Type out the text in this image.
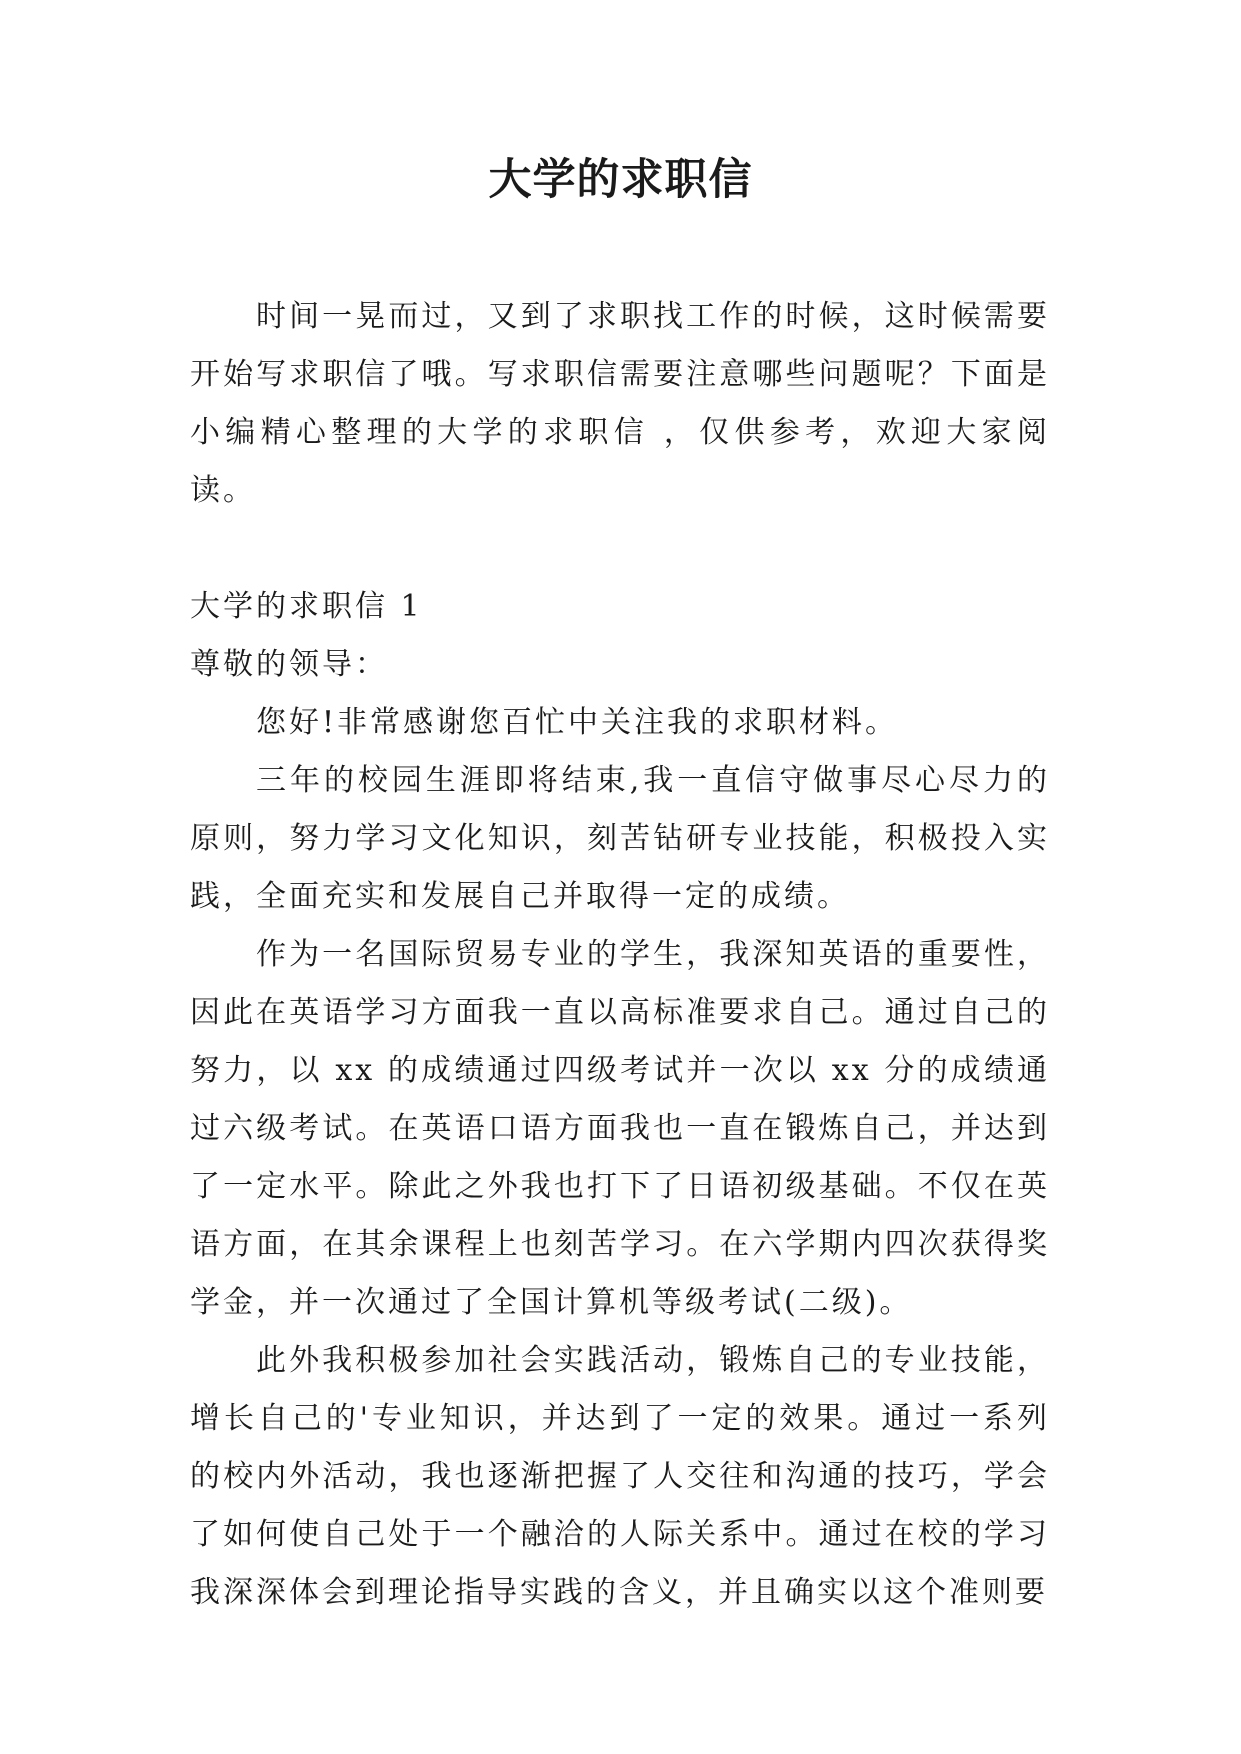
大学的求职信

时间一晃而过，又到了求职找工作的时候，这时候需要开始写求职信了哦。写求职信需要注意哪些问题呢？下面是小编精心整理的大学的求职信 ，仅供参考，欢迎大家阅读。

大学的求职信 1

尊敬的领导：

您好!非常感谢您百忙中关注我的求职材料。

三年的校园生涯即将结束,我一直信守做事尽心尽力的原则，努力学习文化知识，刻苦钻研专业技能，积极投入实践，全面充实和发展自己并取得一定的成绩。

作为一名国际贸易专业的学生，我深知英语的重要性，因此在英语学习方面我一直以高标准要求自己。通过自己的努力，以 xx 的成绩通过四级考试并一次以 xx 分的成绩通过六级考试。在英语口语方面我也一直在锻炼自己，并达到了一定水平。除此之外我也打下了日语初级基础。不仅在英语方面，在其余课程上也刻苦学习。在六学期内四次获得奖学金，并一次通过了全国计算机等级考试(二级)。

此外我积极参加社会实践活动，锻炼自己的专业技能，增长自己的'专业知识，并达到了一定的效果。通过一系列的校内外活动，我也逐渐把握了人交往和沟通的技巧，学会了如何使自己处于一个融洽的人际关系中。通过在校的学习我深深体会到理论指导实践的含义，并且确实以这个准则要
